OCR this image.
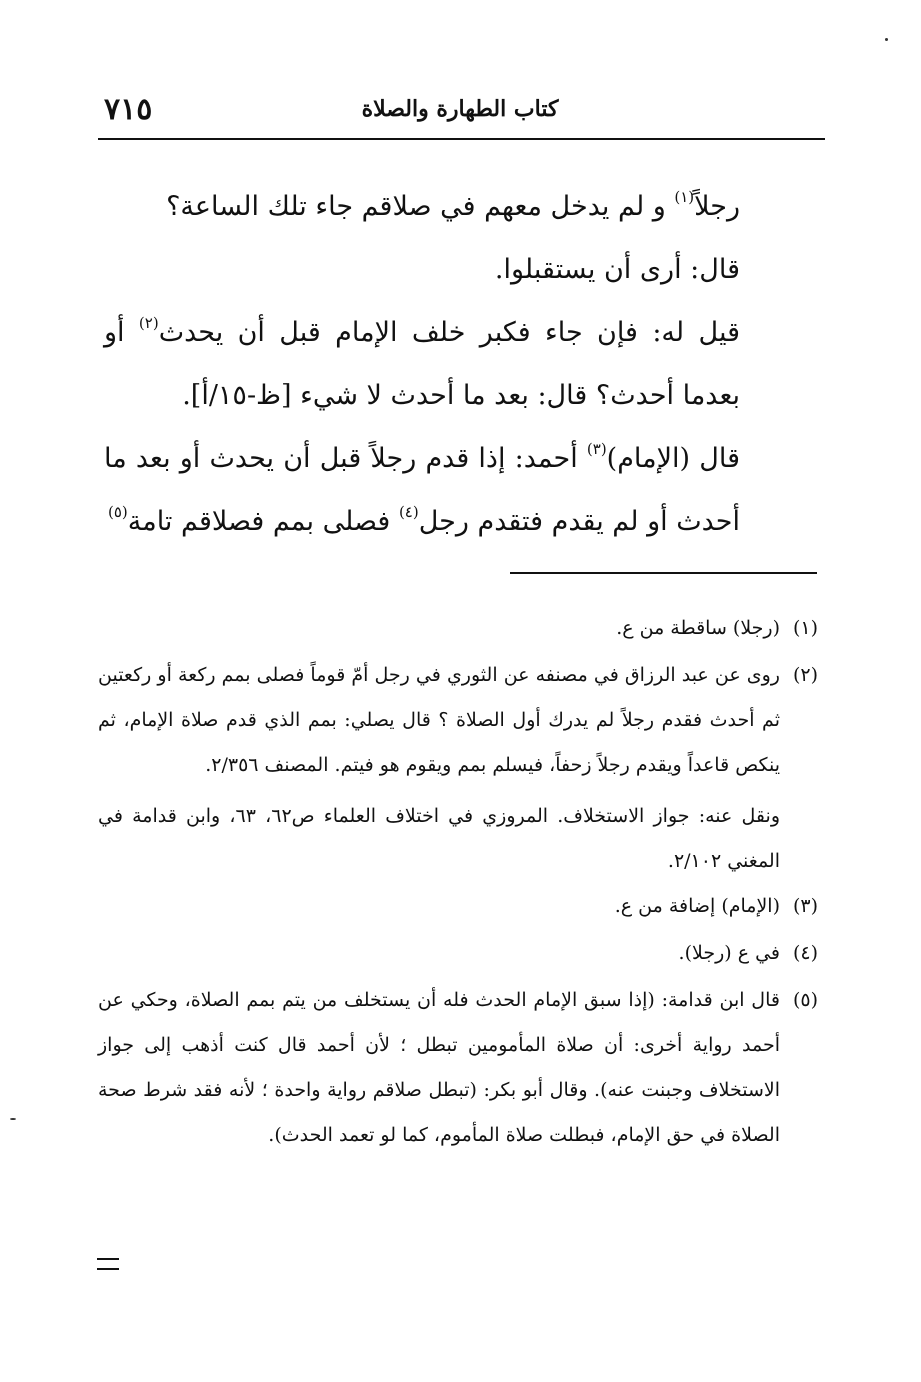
٧١٥	كتاب الطهارة والصلاة

رجلاً$^{(١)}$ و لم يدخل معهم في صلاقم جاء تلك الساعة؟

قال: أرى أن يستقبلوا.

قيل له: فإن جاء فكبر خلف الإمام قبل أن يحدث$^{(٢)}$ أو بعدما أحدث؟ قال: بعد ما أحدث لا شيء [ظ-١٥/أ].

قال (الإمام)$^{(٣)}$ أحمد: إذا قدم رجلاً قبل أن يحدث أو بعد ما أحدث أو لم يقدم فتقدم رجل$^{(٤)}$ فصلى بمم فصلاقم تامة$^{(٥)}$

(١)
(رجلا) ساقطة من ع.
(٢)
روى عن عبد الرزاق في مصنفه عن الثوري في رجل أمّ قوماً فصلى بمم ركعة أو ركعتين ثم أحدث فقدم رجلاً لم يدرك أول الصلاة ؟ قال يصلي: بمم الذي قدم صلاة الإمام، ثم ينكص قاعداً ويقدم رجلاً زحفاً، فيسلم بمم ويقوم هو فيتم. المصنف ٢/٣٥٦.
ونقل عنه: جواز الاستخلاف. المروزي في اختلاف العلماء ص٦٢، ٦٣، وابن قدامة في المغني ٢/١٠٢.
(٣)
(الإمام) إضافة من ع.
(٤)
في ع (رجلا).
(٥)
قال ابن قدامة: (إذا سبق الإمام الحدث فله أن يستخلف من يتم بمم الصلاة، وحكي عن أحمد رواية أخرى: أن صلاة المأمومين تبطل ؛ لأن أحمد قال كنت أذهب إلى جواز الاستخلاف وجبنت عنه). وقال أبو بكر: (تبطل صلاقم رواية واحدة ؛ لأنه فقد شرط صحة الصلاة في حق الإمام، فبطلت صلاة المأموم، كما لو تعمد الحدث).
